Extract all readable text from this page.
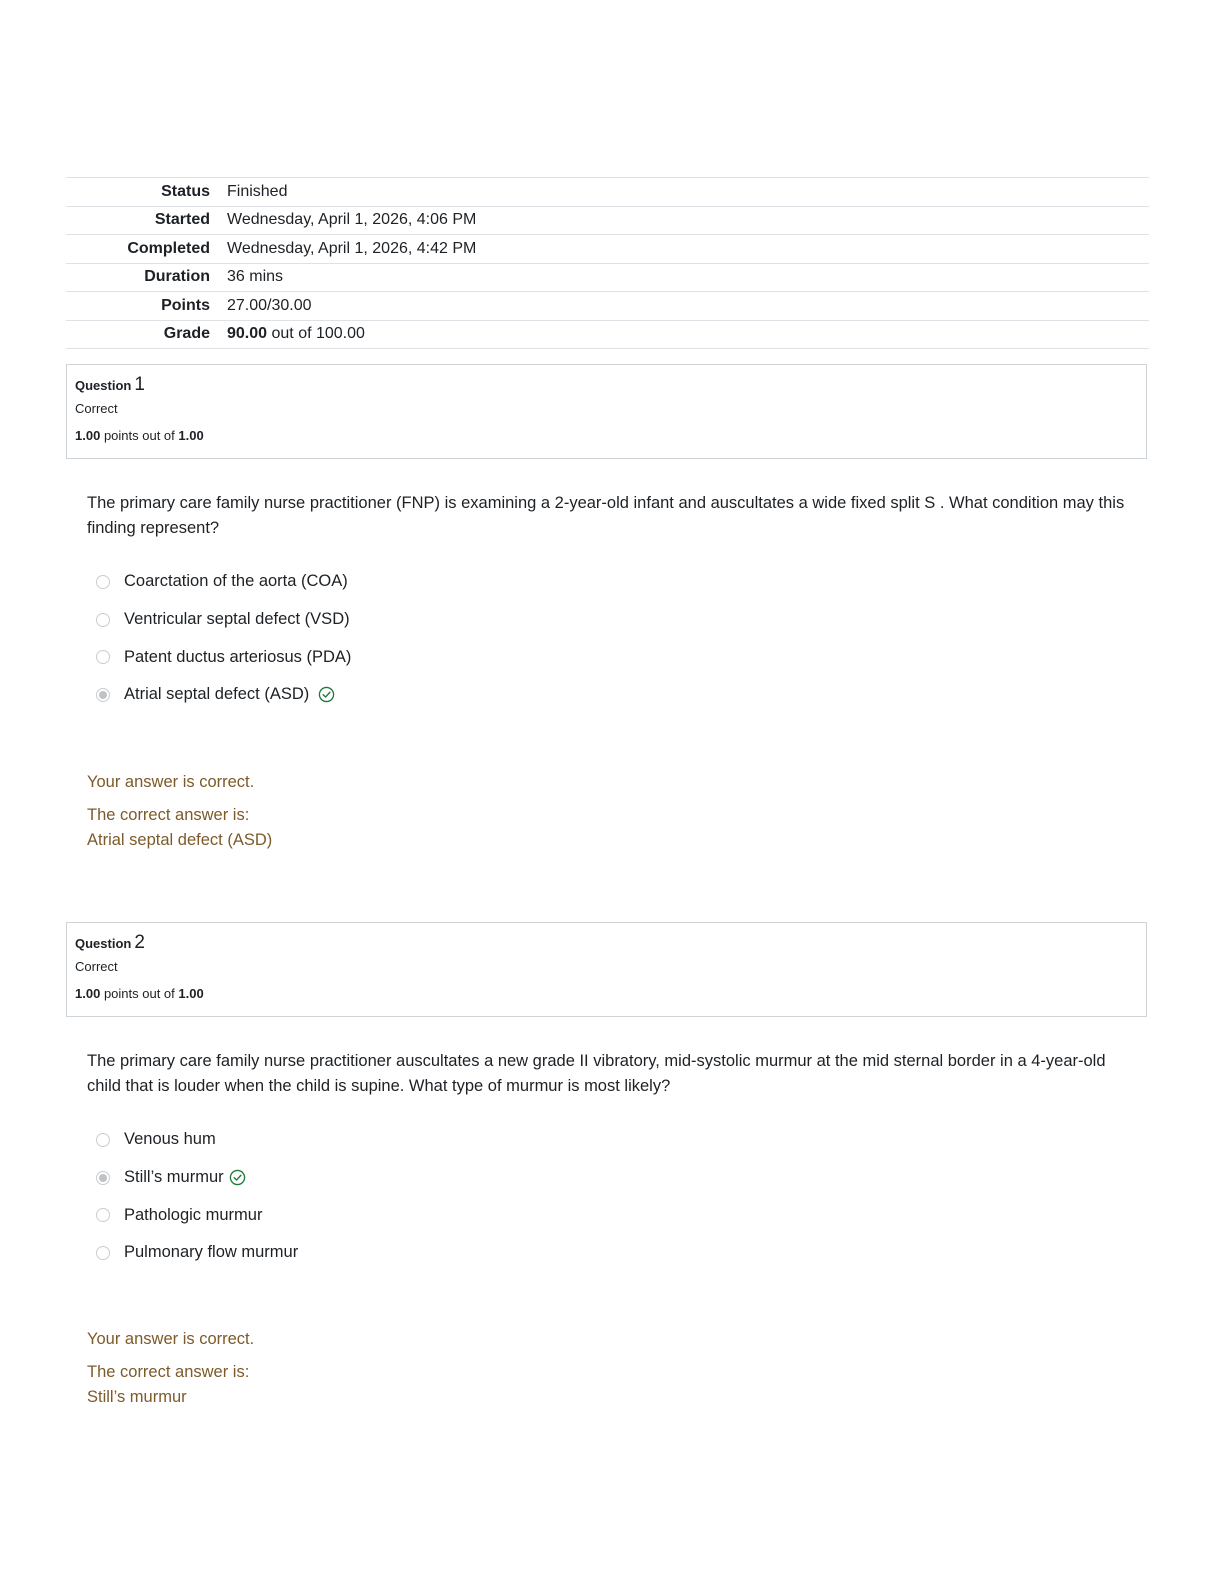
Status	Finished
Started	Wednesday, April 1, 2026, 4:06 PM
Completed	Wednesday, April 1, 2026, 4:42 PM
Duration	36 mins
Points	27.00/30.00
Grade	90.00 out of 100.00
Question 1
Correct
1.00 points out of 1.00
The primary care family nurse practitioner (FNP) is examining a 2-year-old infant and auscultates a wide fixed split S . What condition may this finding represent?
Coarctation of the aorta (COA)
Ventricular septal defect (VSD)
Patent ductus arteriosus (PDA)
Atrial septal defect (ASD)
Your answer is correct.
The correct answer is:
Atrial septal defect (ASD)
Question 2
Correct
1.00 points out of 1.00
The primary care family nurse practitioner auscultates a new grade II vibratory, mid-systolic murmur at the mid sternal border in a 4-year-old child that is louder when the child is supine. What type of murmur is most likely?
Venous hum
Still’s murmur
Pathologic murmur
Pulmonary flow murmur
Your answer is correct.
The correct answer is:
Still’s murmur
